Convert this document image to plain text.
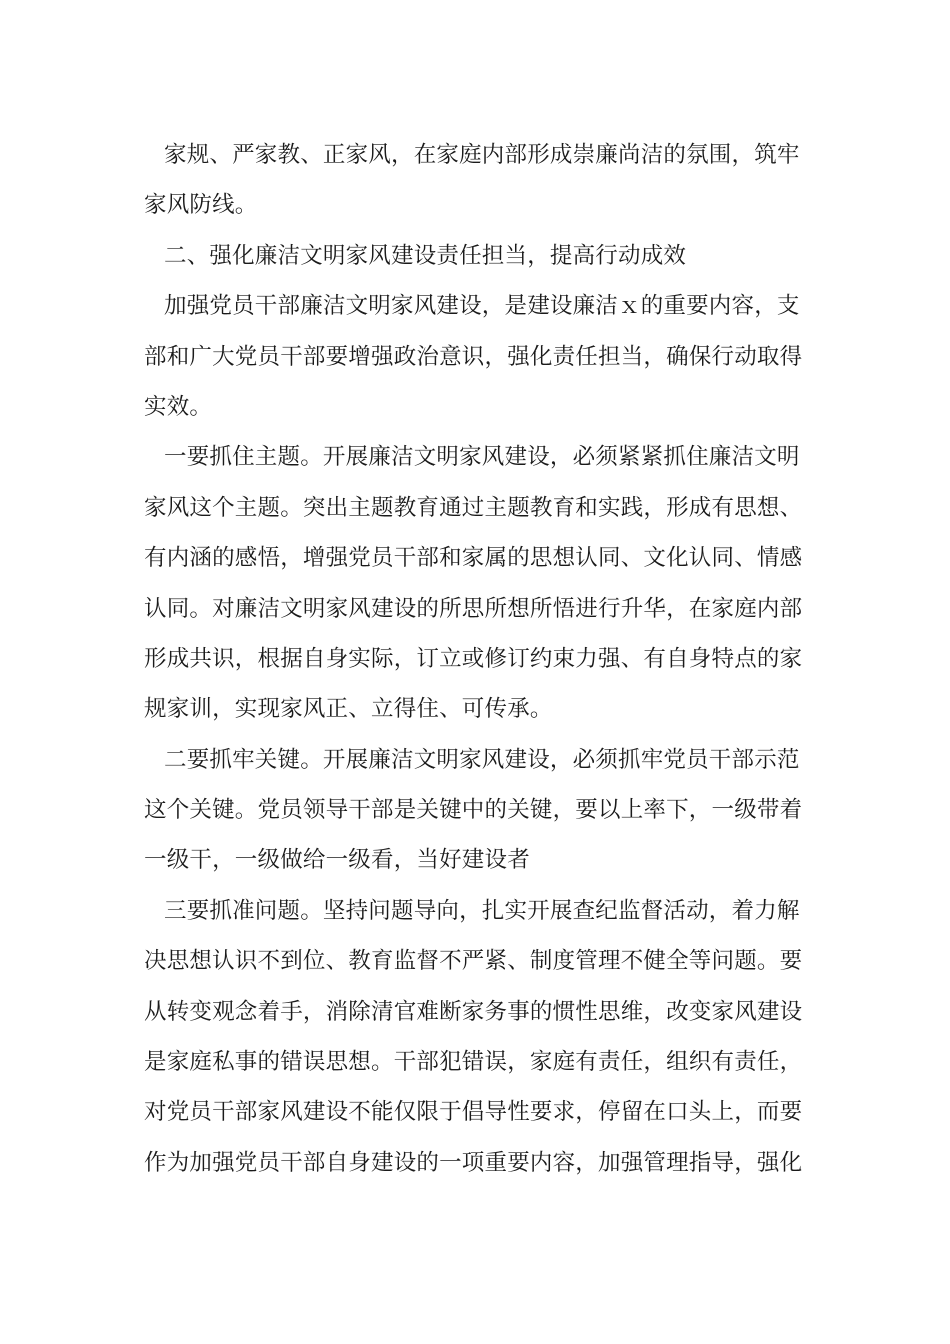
家规、严家教、正家风，在家庭内部形成崇廉尚洁的氛围，筑牢
家风防线。
二、强化廉洁文明家风建设责任担当，提高行动成效
加强党员干部廉洁文明家风建设，是建设廉洁ｘ的重要内容，支
部和广大党员干部要增强政治意识，强化责任担当，确保行动取得
实效。
一要抓住主题。开展廉洁文明家风建设，必须紧紧抓住廉洁文明
家风这个主题。突出主题教育通过主题教育和实践，形成有思想、
有内涵的感悟，增强党员干部和家属的思想认同、文化认同、情感
认同。对廉洁文明家风建设的所思所想所悟进行升华，在家庭内部
形成共识，根据自身实际，订立或修订约束力强、有自身特点的家
规家训，实现家风正、立得住、可传承。
二要抓牢关键。开展廉洁文明家风建设，必须抓牢党员干部示范
这个关键。党员领导干部是关键中的关键，要以上率下，一级带着
一级干，一级做给一级看，当好建设者
三要抓准问题。坚持问题导向，扎实开展查纪监督活动，着力解
决思想认识不到位、教育监督不严紧、制度管理不健全等问题。要
从转变观念着手，消除清官难断家务事的惯性思维，改变家风建设
是家庭私事的错误思想。干部犯错误，家庭有责任，组织有责任，
对党员干部家风建设不能仅限于倡导性要求，停留在口头上，而要
作为加强党员干部自身建设的一项重要内容，加强管理指导，强化
